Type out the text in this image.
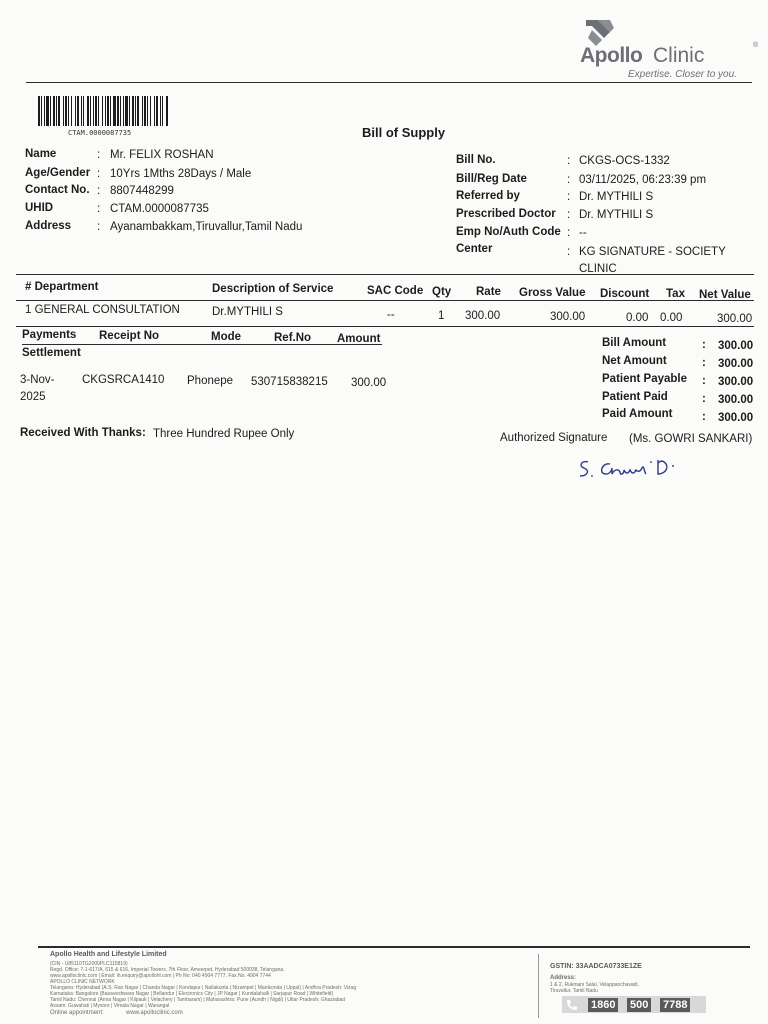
Apollo Clinic	®
Expertise. Closer to you.
CTAM.0000087735	Bill of Supply
Name	: Mr. FELIX ROSHAN
Age/Gender : 10Yrs 1Mths 28Days / Male
Contact No. : 8807448299
UHID	: CTAM.0000087735
Address : Ayanambakkam,Tiruvallur,Tamil Nadu
Bill No.	: CKGS-OCS-1332
Bill/Reg Date	: 03/11/2025, 06:23:39 pm
Referred by	: Dr. MYTHILI S
Prescribed Doctor : Dr. MYTHILI S
Emp No/Auth Code : --
Center	: KG SIGNATURE - SOCIETY
CLINIC
# Department	Description of Service	SAC Code Qty Rate Gross Value Discount Tax Net Value
1 GENERAL CONSULTATION	Dr.MYTHILI S	--	1 300.00	300.00	0.00 0.00	300.00
Payments
Settlement
Receipt No	Mode	Ref.No Amount
3-Nov-
2025
CKGSRCA1410 Phonepe 530715838215 300.00
Bill Amount	: 300.00
Net Amount	: 300.00
Patient Payable : 300.00
Patient Paid	: 300.00
Paid Amount	: 300.00
Received With Thanks: Three Hundred Rupee Only	Authorized Signature (Ms. GOWRI SANKARI)
Apollo Health and Lifestyle Limited
(CIN - U85110TG2000PLC115819)
Regd. Office: 7-1-617/A, 615 & 616, Imperial Towers, 7th Floor, Ameerpet, Hyderabad 500038, Telangana.
www.apolloclinic.com | Email: ih.enquiry@apollohl.com | Ph No: 040 4904 7777, Fax No. 4904 7744
APOLLO CLINIC NETWORK
Telangana: Hyderabad (A.S. Rao Nagar | Chanda Nagar | Kondapur | Nallakunta | Nizampet | Manikonda | Uppal) | Andhra Pradesh: Vizag
Karnataka: Bangalore (Basaveshwara Nagar | Bellandur | Electronics City | JP Nagar | Kundalahalli | Sarjapur Road | Whitefield)
Tamil Nadu: Chennai (Anna Nagar | Kilpauk | Velachery | Tambaram) | Maharashtra: Pune (Aundh | Nigdi) | Uttar Pradesh: Ghaziabad
Assam: Guwahati | Mysore | Vimala Nagar | Warangal
Online appointment:	www.apolloclinic.com
GSTIN: 33AADCA0733E1ZE
Address:
1 & 2, Rukmani Salai, Velappanchavadi,
Tiruvallur, Tamil Nadu
1860 500 7788
